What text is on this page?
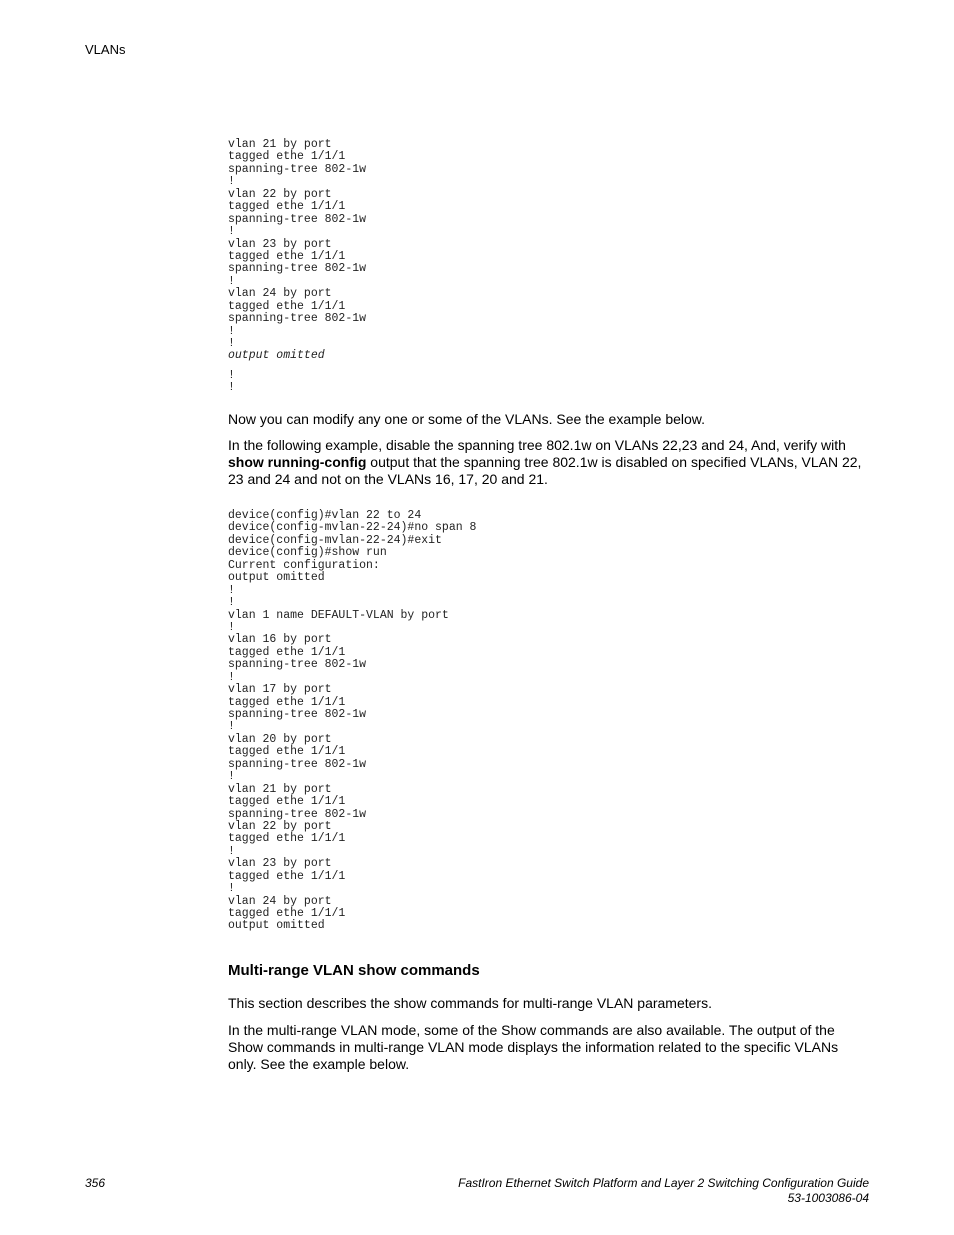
VLANs
vlan 21 by port
tagged ethe 1/1/1
spanning-tree 802-1w
!
vlan 22 by port
tagged ethe 1/1/1
spanning-tree 802-1w
!
vlan 23 by port
tagged ethe 1/1/1
spanning-tree 802-1w
!
vlan 24 by port
tagged ethe 1/1/1
spanning-tree 802-1w
!
!
output omitted
!
!

Now you can modify any one or some of the VLANs. See the example below.

In the following example, disable the spanning tree 802.1w on VLANs 22,23 and 24, And, verify with show running-config output that the spanning tree 802.1w is disabled on specified VLANs, VLAN 22, 23 and 24 and not on the VLANs 16, 17, 20 and 21.

device(config)#vlan 22 to 24
device(config-mvlan-22-24)#no span 8
device(config-mvlan-22-24)#exit
device(config)#show run
Current configuration:
output omitted
!
!
vlan 1 name DEFAULT-VLAN by port
!
vlan 16 by port
tagged ethe 1/1/1
spanning-tree 802-1w
!
vlan 17 by port
tagged ethe 1/1/1
spanning-tree 802-1w
!
vlan 20 by port
tagged ethe 1/1/1
spanning-tree 802-1w
!
vlan 21 by port
tagged ethe 1/1/1
spanning-tree 802-1w
vlan 22 by port
tagged ethe 1/1/1
!
vlan 23 by port
tagged ethe 1/1/1
!
vlan 24 by port
tagged ethe 1/1/1
output omitted
Multi-range VLAN show commands

This section describes the show commands for multi-range VLAN parameters.

In the multi-range VLAN mode, some of the Show commands are also available. The output of the Show commands in multi-range VLAN mode displays the information related to the specific VLANs only. See the example below.

356	FastIron Ethernet Switch Platform and Layer 2 Switching Configuration Guide
53-1003086-04
